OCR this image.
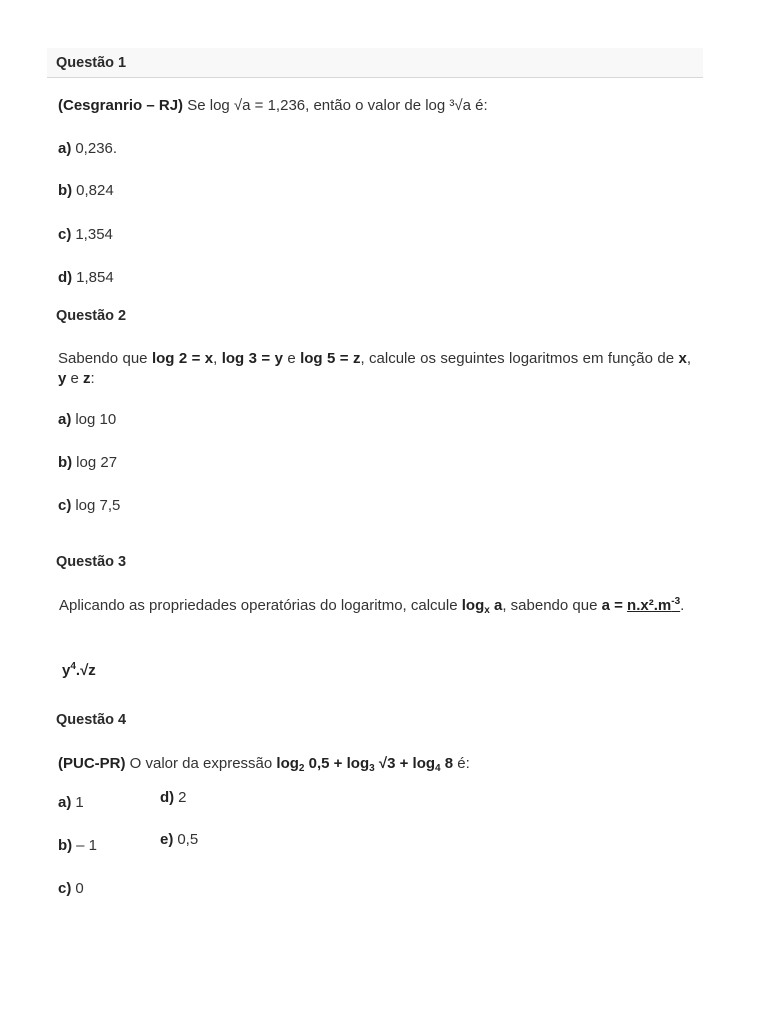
Questão 1
(Cesgranrio – RJ) Se log √a = 1,236, então o valor de log ³√a é:
a) 0,236.
b) 0,824
c) 1,354
d) 1,854
Questão 2
Sabendo que log 2 = x, log 3 = y e log 5 = z, calcule os seguintes logaritmos em função de x, y e z:
a) log 10
b) log 27
c) log 7,5
Questão 3
Aplicando as propriedades operatórias do logaritmo, calcule $\log_x a$, sabendo que $a = n.x^2.m^{-3}$.
$y^4.√z$
Questão 4
(PUC-PR) O valor da expressão $\log_2 0,5 + \log_3 √3 + \log_4 8$ é:
a) 1
b) – 1
c) 0
d) 2
e) 0,5
